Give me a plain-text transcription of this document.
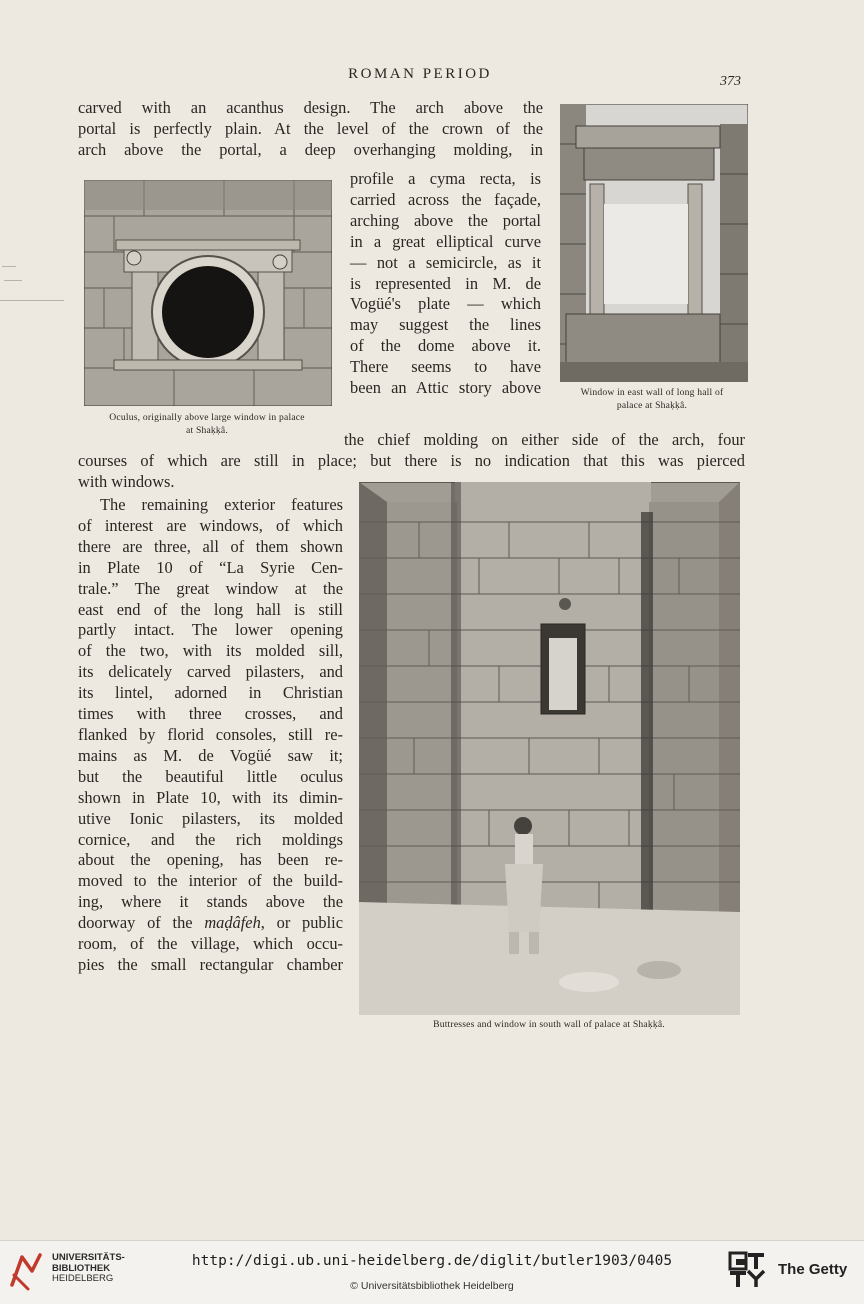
ROMAN PERIOD	373
carved with an acanthus design. The arch above the
portal is perfectly plain. At the level of the crown of the
arch above the portal, a deep overhanging molding, in
profile a cyma recta, is
carried across the façade,
arching above the portal
in a great elliptical curve
— not a semicircle, as it
is represented in M. de
Vogüé's plate — which
may suggest the lines
of the dome above it.
There seems to have
been an Attic story above
the chief molding on either side of the arch, four
courses of which are still in place; but there is no indication that this was pierced
with windows.
The remaining exterior features
of interest are windows, of which
there are three, all of them shown
in Plate 10 of “La Syrie Cen-
trale.” The great window at the
east end of the long hall is still
partly intact. The lower opening
of the two, with its molded sill,
its delicately carved pilasters, and
its lintel, adorned in Christian
times with three crosses, and
flanked by florid consoles, still re-
mains as M. de Vogüé saw it;
but the beautiful little oculus
shown in Plate 10, with its dimin-
utive Ionic pilasters, its molded
cornice, and the rich moldings
about the opening, has been re-
moved to the interior of the build-
ing, where it stands above the
doorway of the maḍâfeh, or public
room, of the village, which occu-
pies the small rectangular chamber
Oculus, originally above large window in palace
at Shaḳḳâ.
Window in east wall of long hall of
palace at Shaḳḳâ.
Buttresses and window in south wall of palace at Shaḳḳâ.
UNIVERSITÄTS-
BIBLIOTHEK
HEIDELBERG
http://digi.ub.uni-heidelberg.de/diglit/butler1903/0405
© Universitätsbibliothek Heidelberg
The Getty
